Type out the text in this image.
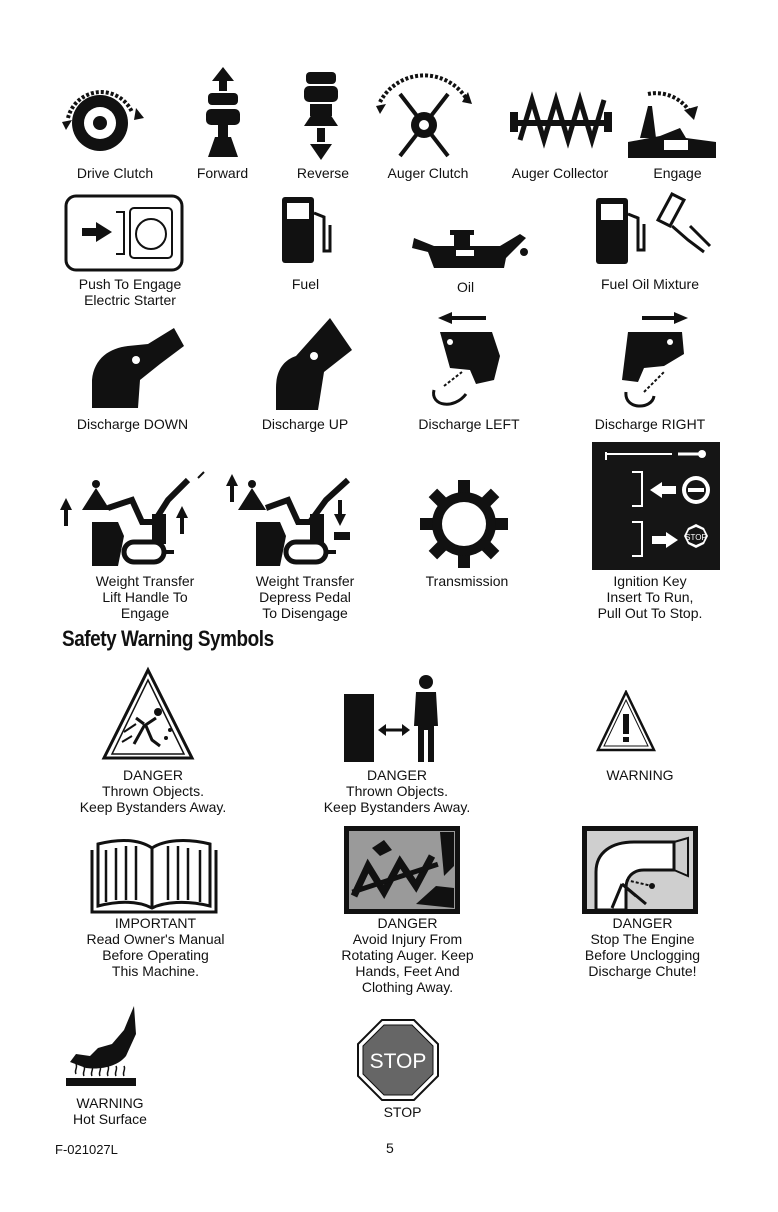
Drive Clutch	Forward	Reverse	Auger Clutch	Auger Collector	Engage
Push To Engage
Electric Starter
Fuel	Oil	Fuel Oil Mixture
Discharge DOWN	Discharge UP	Discharge LEFT	Discharge RIGHT
STOP
Weight Transfer
Lift Handle To
Engage
Weight Transfer
Depress Pedal
To Disengage
Transmission	Ignition Key
Insert To Run,
Pull Out To Stop.
Safety Warning Symbols
DANGER
Thrown Objects.
Keep Bystanders Away.
DANGER
Thrown Objects.
Keep Bystanders Away.
WARNING
IMPORTANT
Read Owner's Manual
Before Operating
This Machine.
DANGER
Avoid Injury From
Rotating Auger. Keep
Hands, Feet And
Clothing Away.
DANGER
Stop The Engine
Before Unclogging
Discharge Chute!
STOP
WARNING
Hot Surface	STOP
F-021027L	5
